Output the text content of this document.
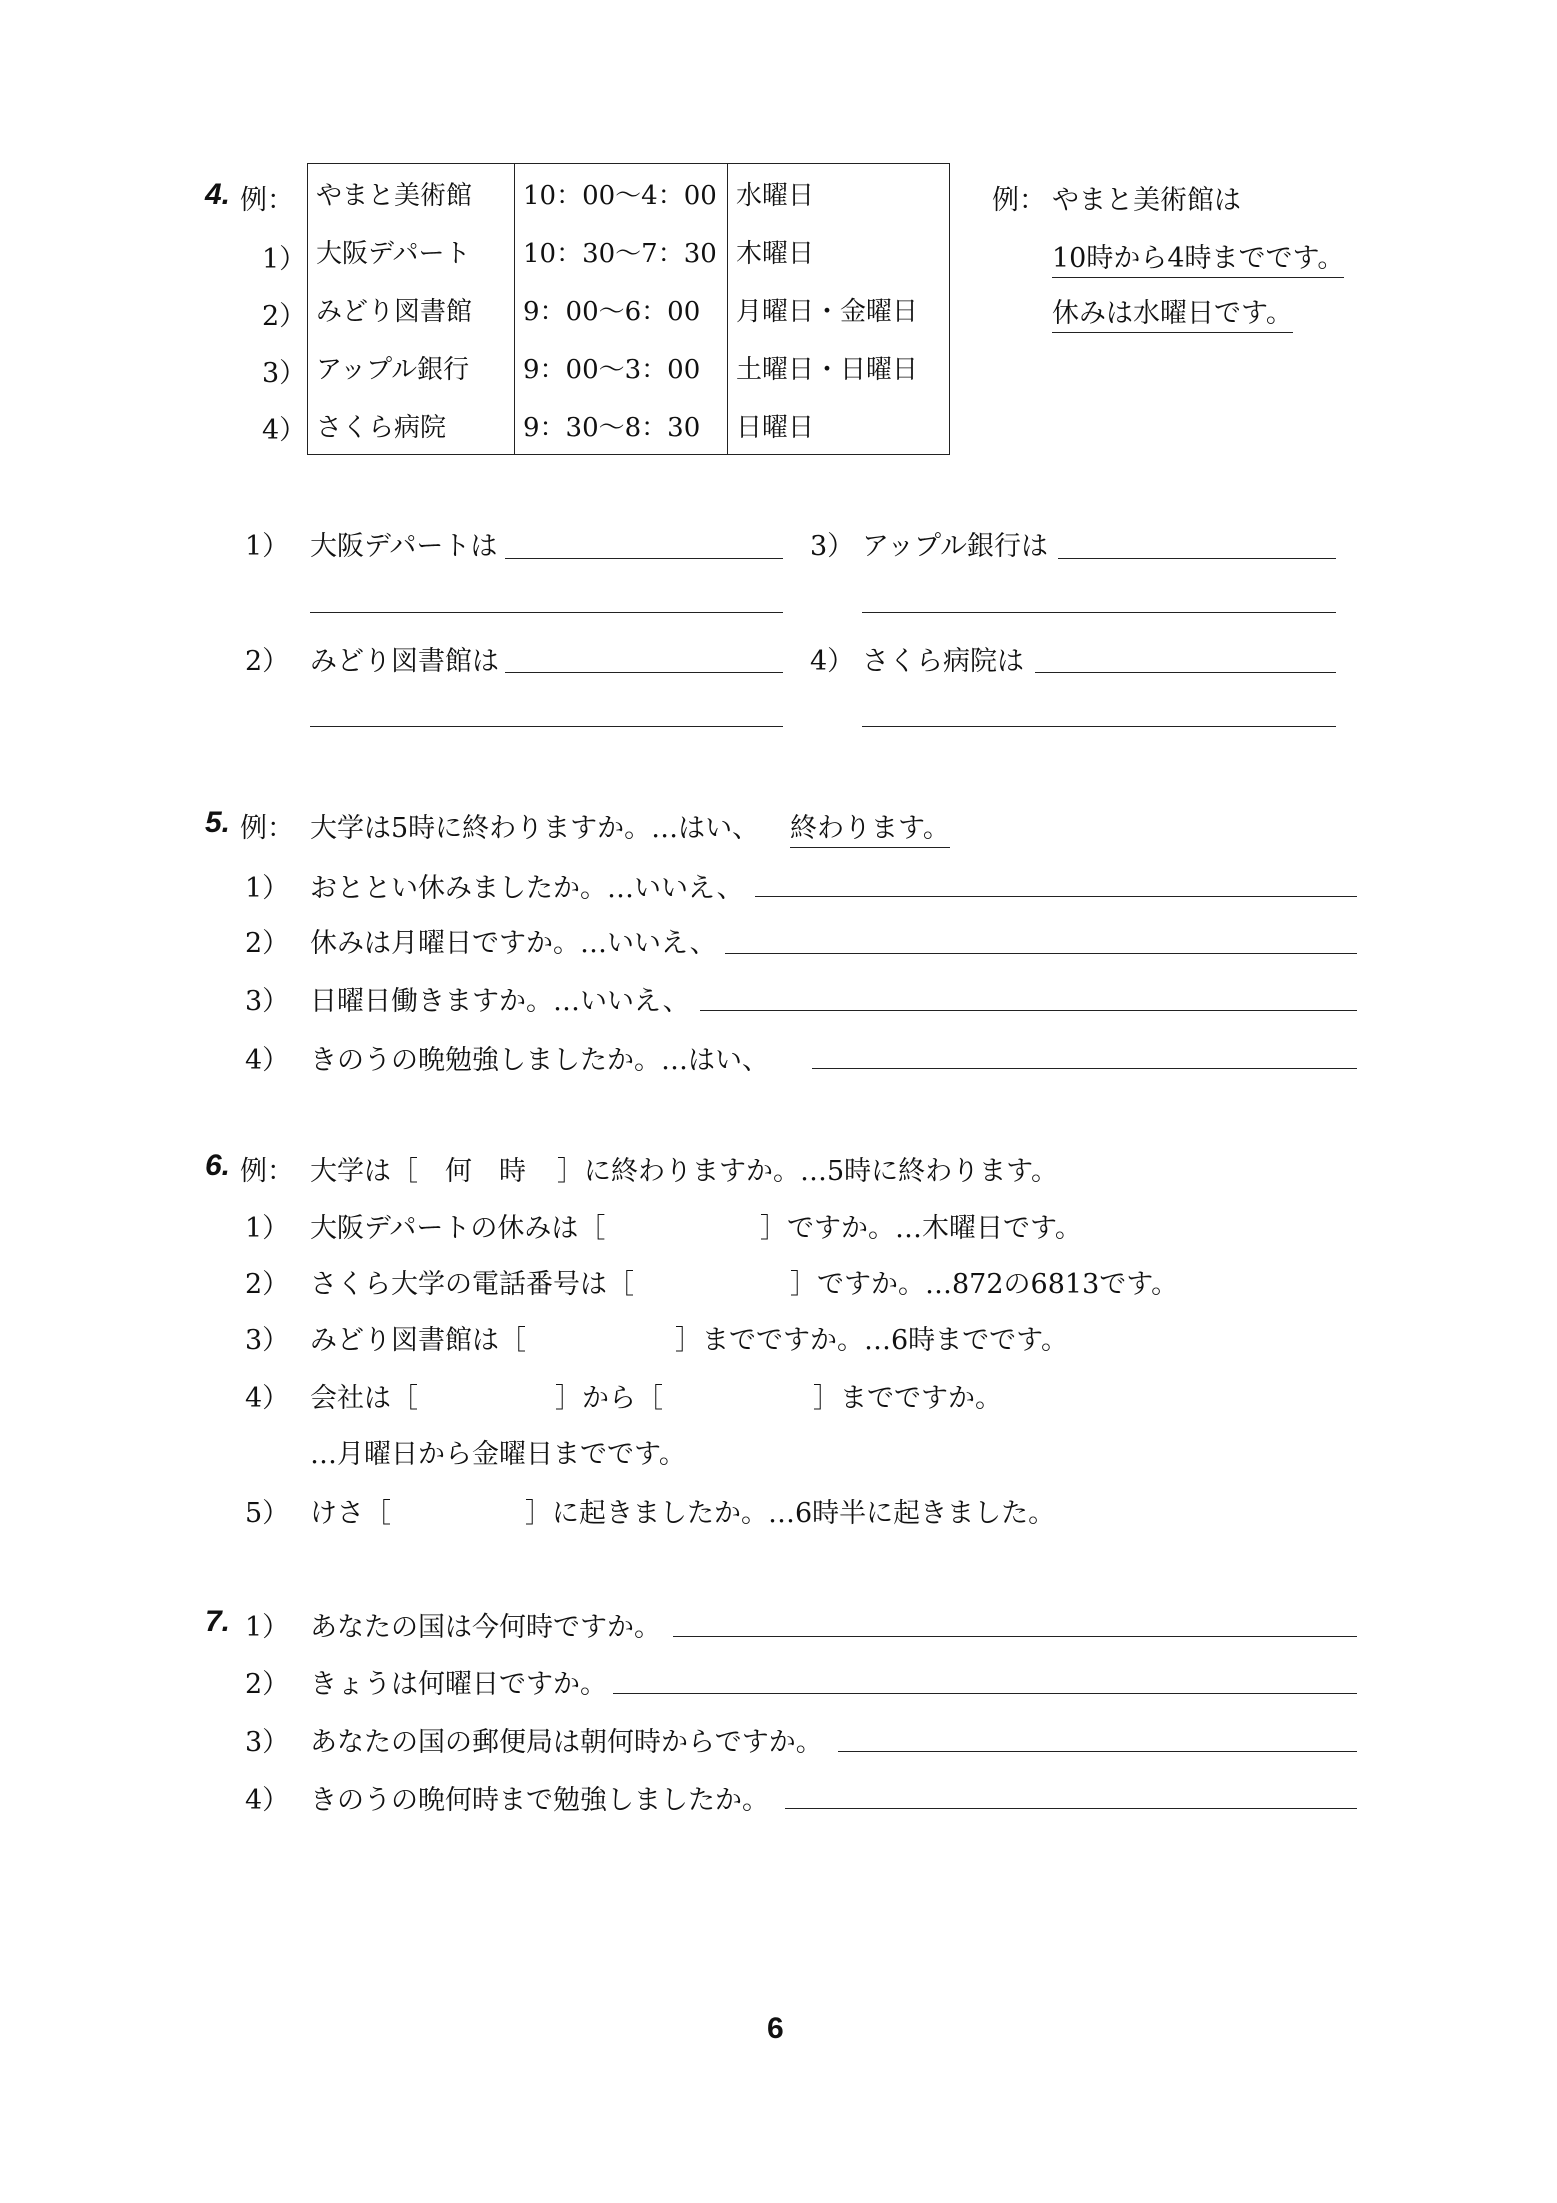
4. 例：
1）
2）
3）
4）
やまと美術館	10：00～4：00	水曜日
大阪デパート	10：30～7：30	木曜日
みどり図書館	9：00～6：00	月曜日・金曜日
アップル銀行	9：00～3：00	土曜日・日曜日
さくら病院	9：30～8：30	日曜日
例： やまと美術館は
10時から4時までです。
休みは水曜日です。
1） 大阪デパートは	3） アップル銀行は
2） みどり図書館は	4） さくら病院は
5. 例： 大学は5時に終わりますか。…はい、 終わります。
1） おととい休みましたか。…いいえ、
2） 休みは月曜日ですか。…いいえ、
3） 日曜日働きますか。…いいえ、
4） きのうの晩勉強しましたか。…はい、
6. 例： 大学は［ 何　時 ］に終わりますか。…5時に終わります。
1） 大阪デパートの休みは［	］ですか。…木曜日です。
2） さくら大学の電話番号は［	］ですか。…872の6813です。
3） みどり図書館は［	］までですか。…6時までです。
4） 会社は［	］から［	］までですか。
…月曜日から金曜日までです。
5） けさ［	］に起きましたか。…6時半に起きました。
7. 1） あなたの国は今何時ですか。
2） きょうは何曜日ですか。
3） あなたの国の郵便局は朝何時からですか。
4） きのうの晩何時まで勉強しましたか。
6
